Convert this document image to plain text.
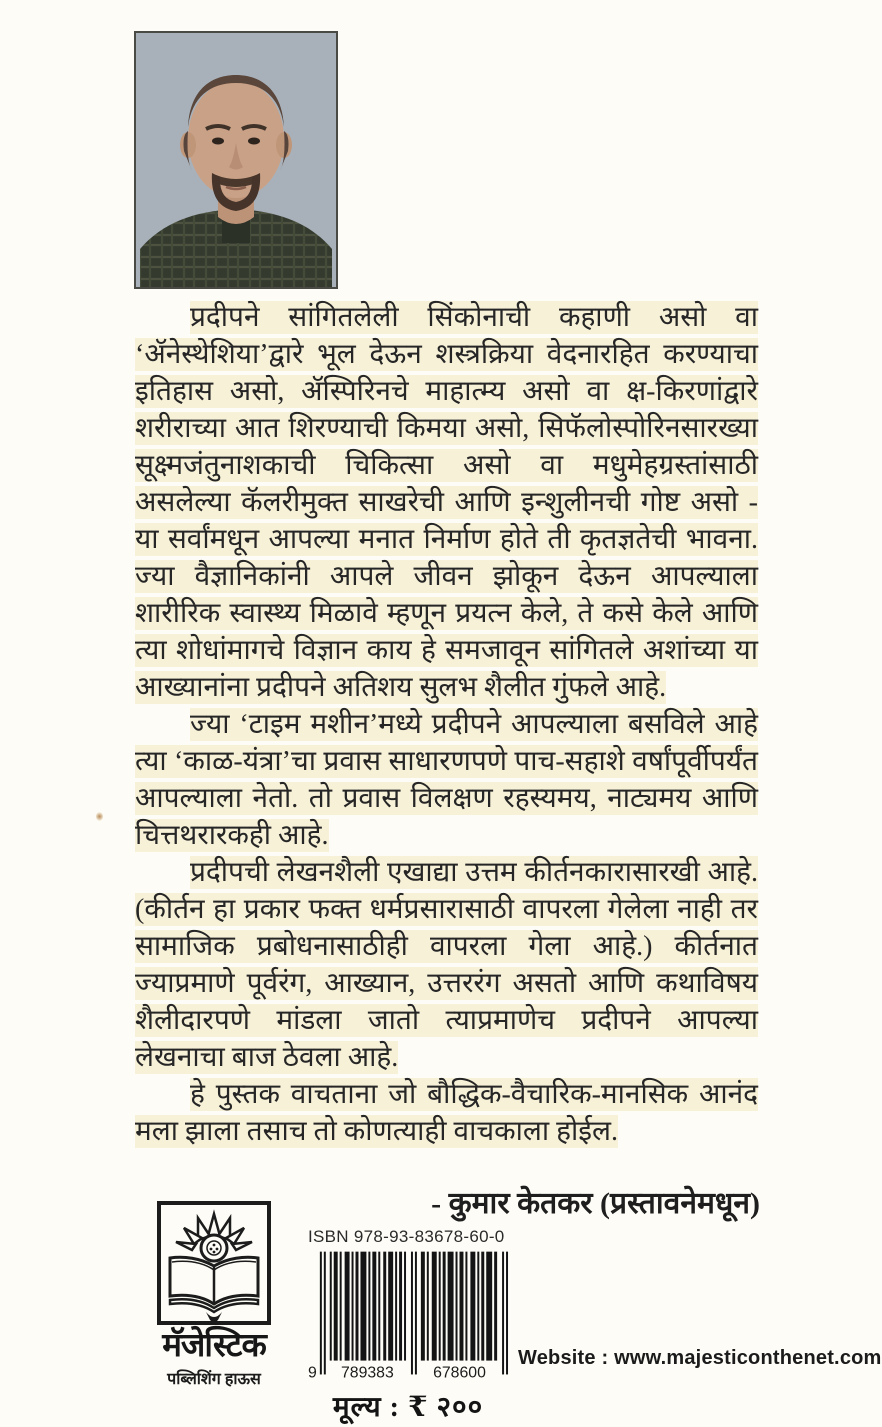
प्रदीपने सांगितलेली सिंकोनाची कहाणी असो वा ‘ॲनेस्थेशिया’द्वारे भूल देऊन शस्त्रक्रिया वेदनारहित करण्याचा इतिहास असो, ॲस्पिरिनचे माहात्म्य असो वा क्ष-किरणांद्वारे शरीराच्या आत शिरण्याची किमया असो, सिफॅलोस्पोरिनसारख्या सूक्ष्मजंतुनाशकाची चिकित्सा असो वा मधुमेहग्रस्तांसाठी असलेल्या कॅलरीमुक्त साखरेची आणि इन्शुलीनची गोष्ट असो - या सर्वांमधून आपल्या मनात निर्माण होते ती कृतज्ञतेची भावना. ज्या वैज्ञानिकांनी आपले जीवन झोकून देऊन आपल्याला शारीरिक स्वास्थ्य मिळावे म्हणून प्रयत्न केले, ते कसे केले आणि त्या शोधांमागचे विज्ञान काय हे समजावून सांगितले अशांच्या या आख्यानांना प्रदीपने अतिशय सुलभ शैलीत गुंफले आहे.

ज्या ‘टाइम मशीन’मध्ये प्रदीपने आपल्याला बसविले आहे त्या ‘काळ-यंत्रा’चा प्रवास साधारणपणे पाच-सहाशे वर्षांपूर्वीपर्यंत आपल्याला नेतो. तो प्रवास विलक्षण रहस्यमय, नाट्यमय आणि चित्तथरारकही आहे.

प्रदीपची लेखनशैली एखाद्या उत्तम कीर्तनकारासारखी आहे. (कीर्तन हा प्रकार फक्त धर्मप्रसारासाठी वापरला गेलेला नाही तर सामाजिक प्रबोधनासाठीही वापरला गेला आहे.) कीर्तनात ज्याप्रमाणे पूर्वरंग, आख्यान, उत्तररंग असतो आणि कथाविषय शैलीदारपणे मांडला जातो त्याप्रमाणेच प्रदीपने आपल्या लेखनाचा बाज ठेवला आहे.

हे पुस्तक वाचताना जो बौद्धिक-वैचारिक-मानसिक आनंद मला झाला तसाच तो कोणत्याही वाचकाला होईल.

- कुमार केतकर (प्रस्तावनेमधून)
मॅजेस्टिक
पब्लिशिंग हाऊस
ISBN 978-93-83678-60-0
9 789383 678600
मूल्य : ₹ २००
Website : www.majesticonthenet.com
